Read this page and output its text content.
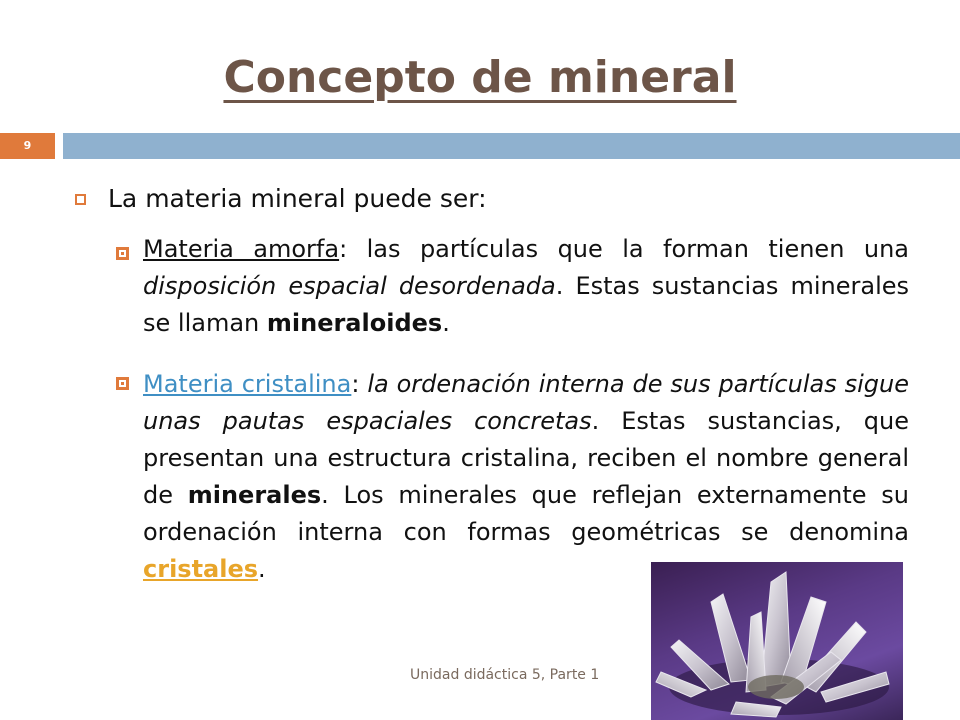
Concepto de mineral
9
La materia mineral puede ser:
Materia amorfa: las partículas que la forman tienen una disposición espacial desordenada. Estas sustancias minerales se llaman mineraloides.
Materia cristalina: la ordenación interna de sus partículas sigue unas pautas espaciales concretas. Estas sustancias, que presentan una estructura cristalina, reciben el nombre general de minerales. Los minerales que reflejan externamente su ordenación interna con formas geométricas se denomina cristales.
Unidad didáctica 5, Parte 1
